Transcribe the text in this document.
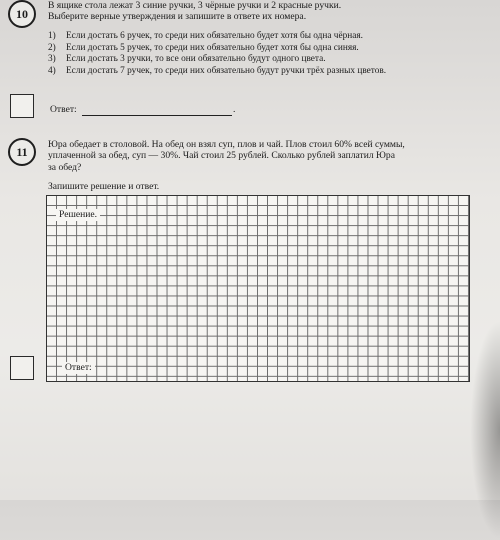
10

В ящике стола лежат 3 синие ручки, 3 чёрные ручки и 2 красные ручки.

Выберите верные утверждения и запишите в ответе их номера.

1) Если достать 6 ручек, то среди них обязательно будет хотя бы одна чёрная.
2) Если достать 5 ручек, то среди них обязательно будет хотя бы одна синяя.
3) Если достать 3 ручки, то все они обязательно будут одного цвета.
4) Если достать 7 ручек, то среди них обязательно будут ручки трёх разных цветов.
Ответ:	.
11 Юра обедает в столовой. На обед он взял суп, плов и чай. Плов стоил 60% всей суммы,

уплаченной за обед, суп — 30%. Чай стоил 25 рублей. Сколько рублей заплатил Юра

за обед?

Запишите решение и ответ.
Решение.
Ответ:
